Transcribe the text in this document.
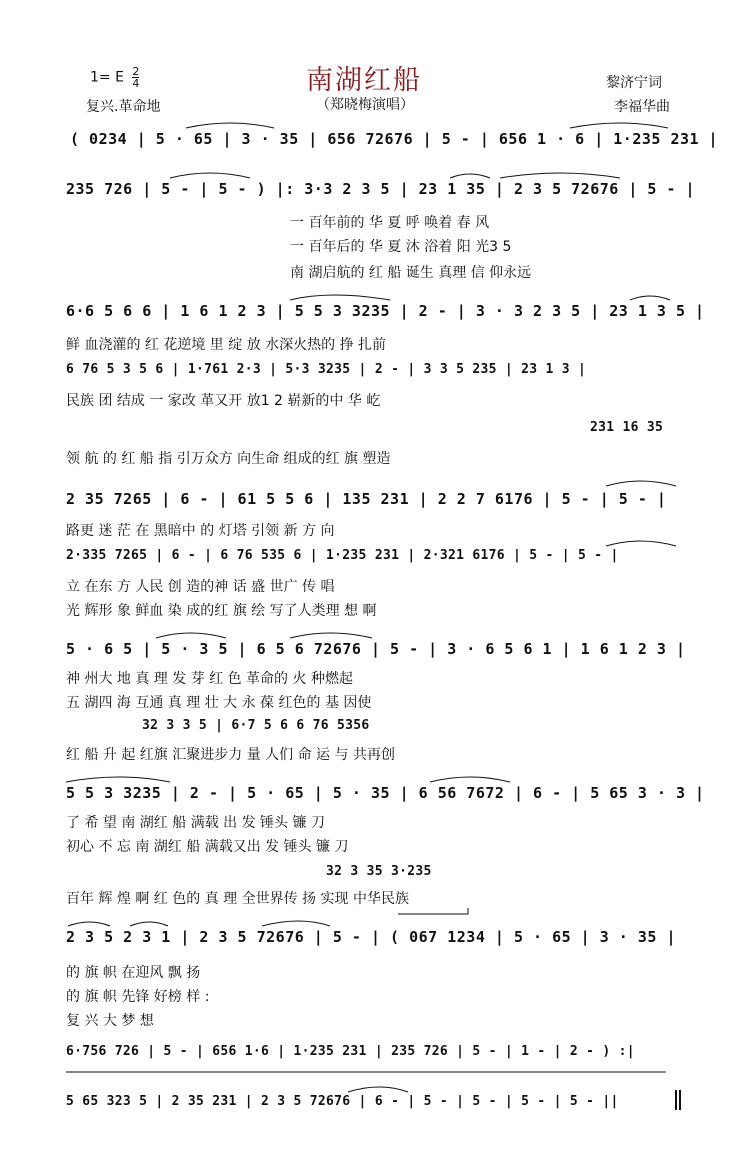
南湖红船
（郑晓梅演唱）
1= E $\frac{2}{4}$
复兴.革命地
黎济宁词
李福华曲
( 0234 | 5 · 65 | 3 · 35 | 656 72676 | 5 - | 656 1 · 6 | 1·235 231 |
235 726 | 5 - | 5 - ) |: 3·3 2 3 5 | 23 1 35 | 2 3 5 72676 | 5 - |
一 百年前的 华 夏 呼 唤着 春 风
一 百年后的 华 夏 沐 浴着 阳 光3 5
南 湖启航的 红 船 诞生 真理 信 仰永远
6·6 5 6 6 | 1 6 1 2 3 | 5 5 3 3235 | 2 - | 3 · 3 2 3 5 | 23 1 3 5 |
鲜 血浇灌的 红 花逆境 里 绽 放 水深火热的 挣 扎前
6 76 5 3 5 6 | 1·761 2·3 | 5·3 3235 | 2 - | 3 3 5 235 | 23 1 3 |
民族 团 结成 一 家改 革又开 放1 2 崭新的中 华 屹
231 16 35
领 航 的 红 船 指 引万众方 向生命 组成的红 旗 塑造
2 35 7265 | 6 - | 61 5 5 6 | 135 231 | 2 2 7 6176 | 5 - | 5 - |
路更 迷 茫 在 黑暗中 的 灯塔 引领 新 方 向
2·335 7265 | 6 - | 6 76 535 6 | 1·235 231 | 2·321 6176 | 5 - | 5 - |
立 在东 方 人民 创 造的神 话 盛 世广 传 唱
光 辉形 象 鲜血 染 成的红 旗 绘 写了人类理 想 啊
5 · 6 5 | 5 · 3 5 | 6 5 6 72676 | 5 - | 3 · 6 5 6 1 | 1 6 1 2 3 |
神 州大 地 真 理 发 芽 红 色 革命的 火 种燃起
五 湖四 海 互通 真 理 壮 大 永 葆 红色的 基 因使
32 3 3 5 | 6·7 5 6 6 76 5356
红 船 升 起 红旗 汇聚进步力 量 人们 命 运 与 共再创
5 5 3 3235 | 2 - | 5 · 65 | 5 · 35 | 6 56 7672 | 6 - | 5 65 3 · 3 |
了 希 望 南 湖红 船 满载 出 发 锤头 镰 刀
初心 不 忘 南 湖红 船 满载又出 发 锤头 镰 刀
32 3 35 3·235
百年 辉 煌 啊 红 色的 真 理 全世界传 扬 实现 中华民族
2 3 5 2 3 1 | 2 3 5 72676 | 5 - | ( 067 1234 | 5 · 65 | 3 · 35 |
的 旗 帜 在迎风 飘 扬
的 旗 帜 先锋 好榜 样 :
复 兴 大 梦 想
6·756 726 | 5 - | 656 1·6 | 1·235 231 | 235 726 | 5 - | 1 - | 2 - ) :|
5 65 323 5 | 2 35 231 | 2 3 5 72676 | 6 - | 5 - | 5 - | 5 - | 5 - ||
